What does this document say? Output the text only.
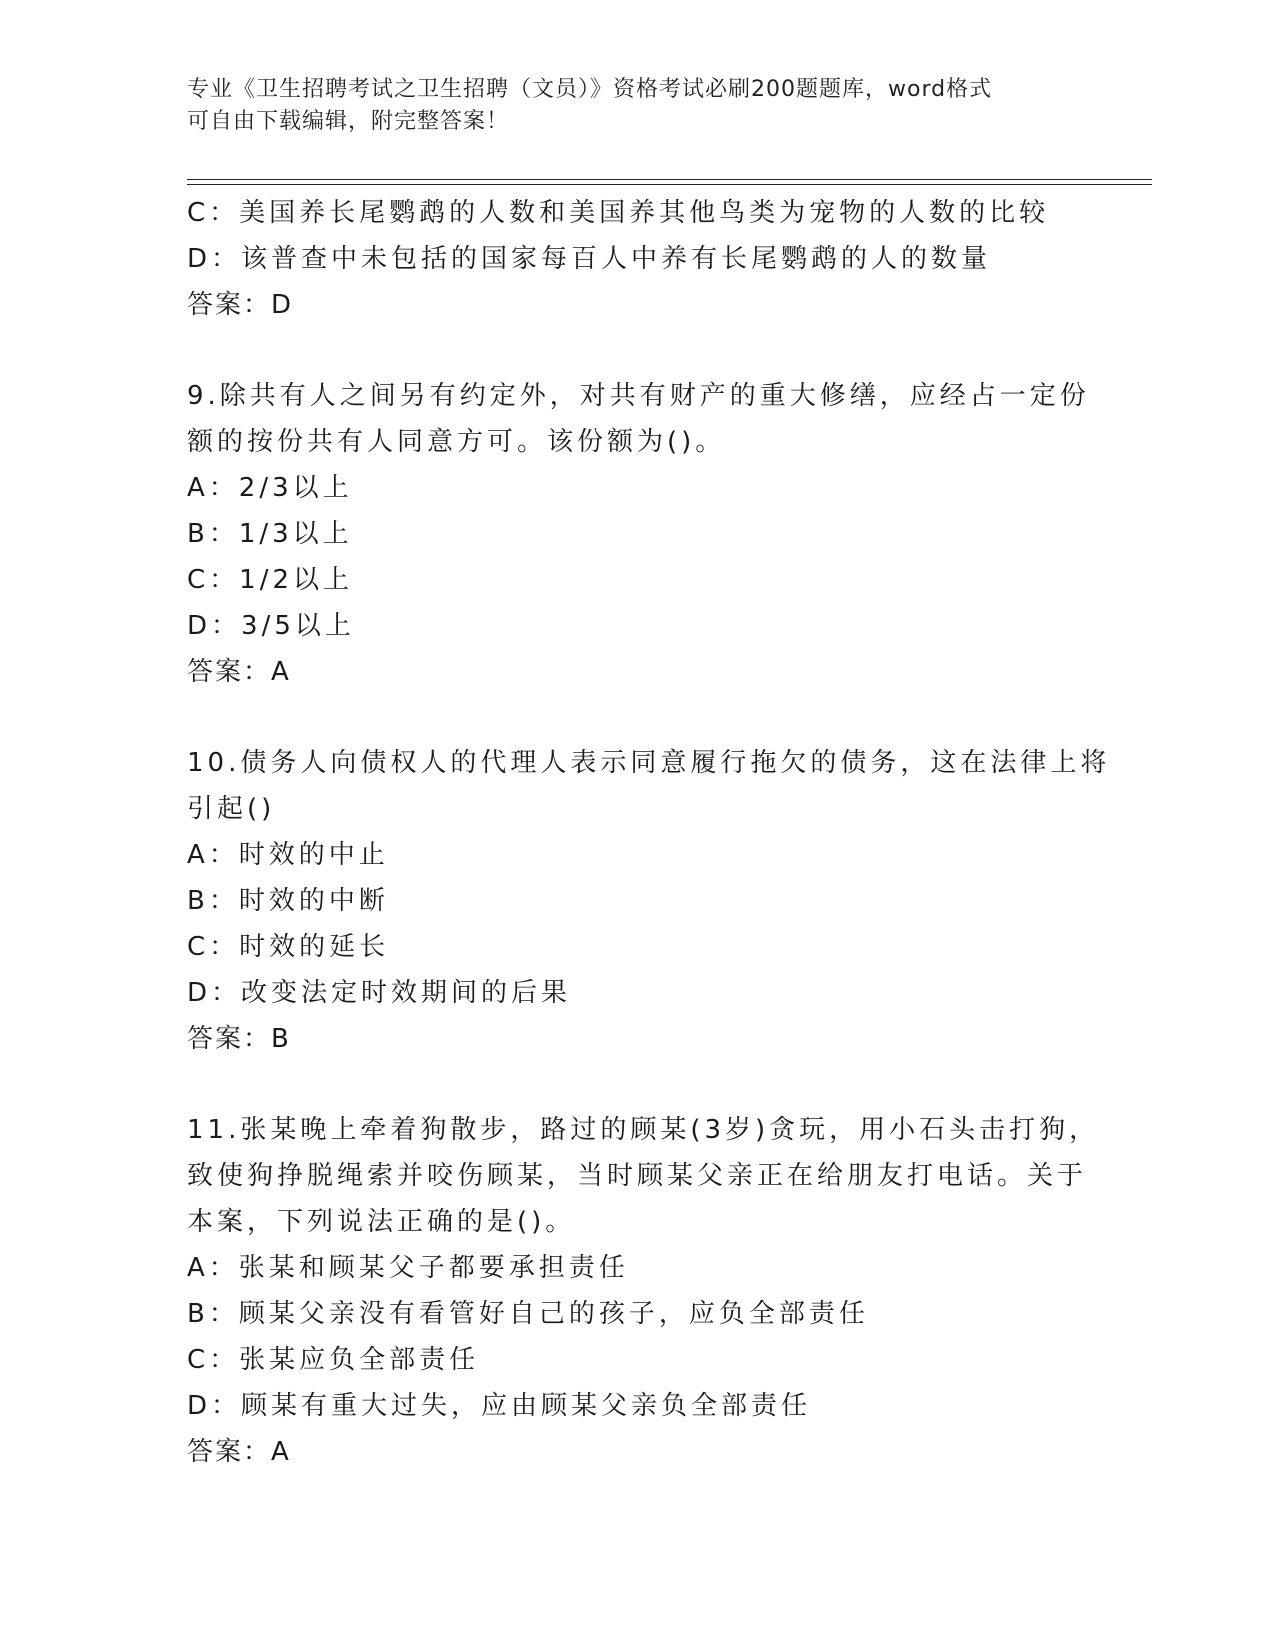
专业《卫生招聘考试之卫生招聘（文员）》资格考试必刷200题题库，word格式
可自由下载编辑，附完整答案！
C：美国养长尾鹦鹉的人数和美国养其他鸟类为宠物的人数的比较
D：该普查中未包括的国家每百人中养有长尾鹦鹉的人的数量
答案：D
9.除共有人之间另有约定外，对共有财产的重大修缮，应经占一定份
额的按份共有人同意方可。该份额为()。
A：2/3以上
B：1/3以上
C：1/2以上
D：3/5以上
答案：A
10.债务人向债权人的代理人表示同意履行拖欠的债务，这在法律上将
引起()
A：时效的中止
B：时效的中断
C：时效的延长
D：改变法定时效期间的后果
答案：B
11.张某晚上牵着狗散步，路过的顾某(3岁)贪玩，用小石头击打狗，
致使狗挣脱绳索并咬伤顾某，当时顾某父亲正在给朋友打电话。关于
本案，下列说法正确的是()。
A：张某和顾某父子都要承担责任
B：顾某父亲没有看管好自己的孩子，应负全部责任
C：张某应负全部责任
D：顾某有重大过失，应由顾某父亲负全部责任
答案：A
